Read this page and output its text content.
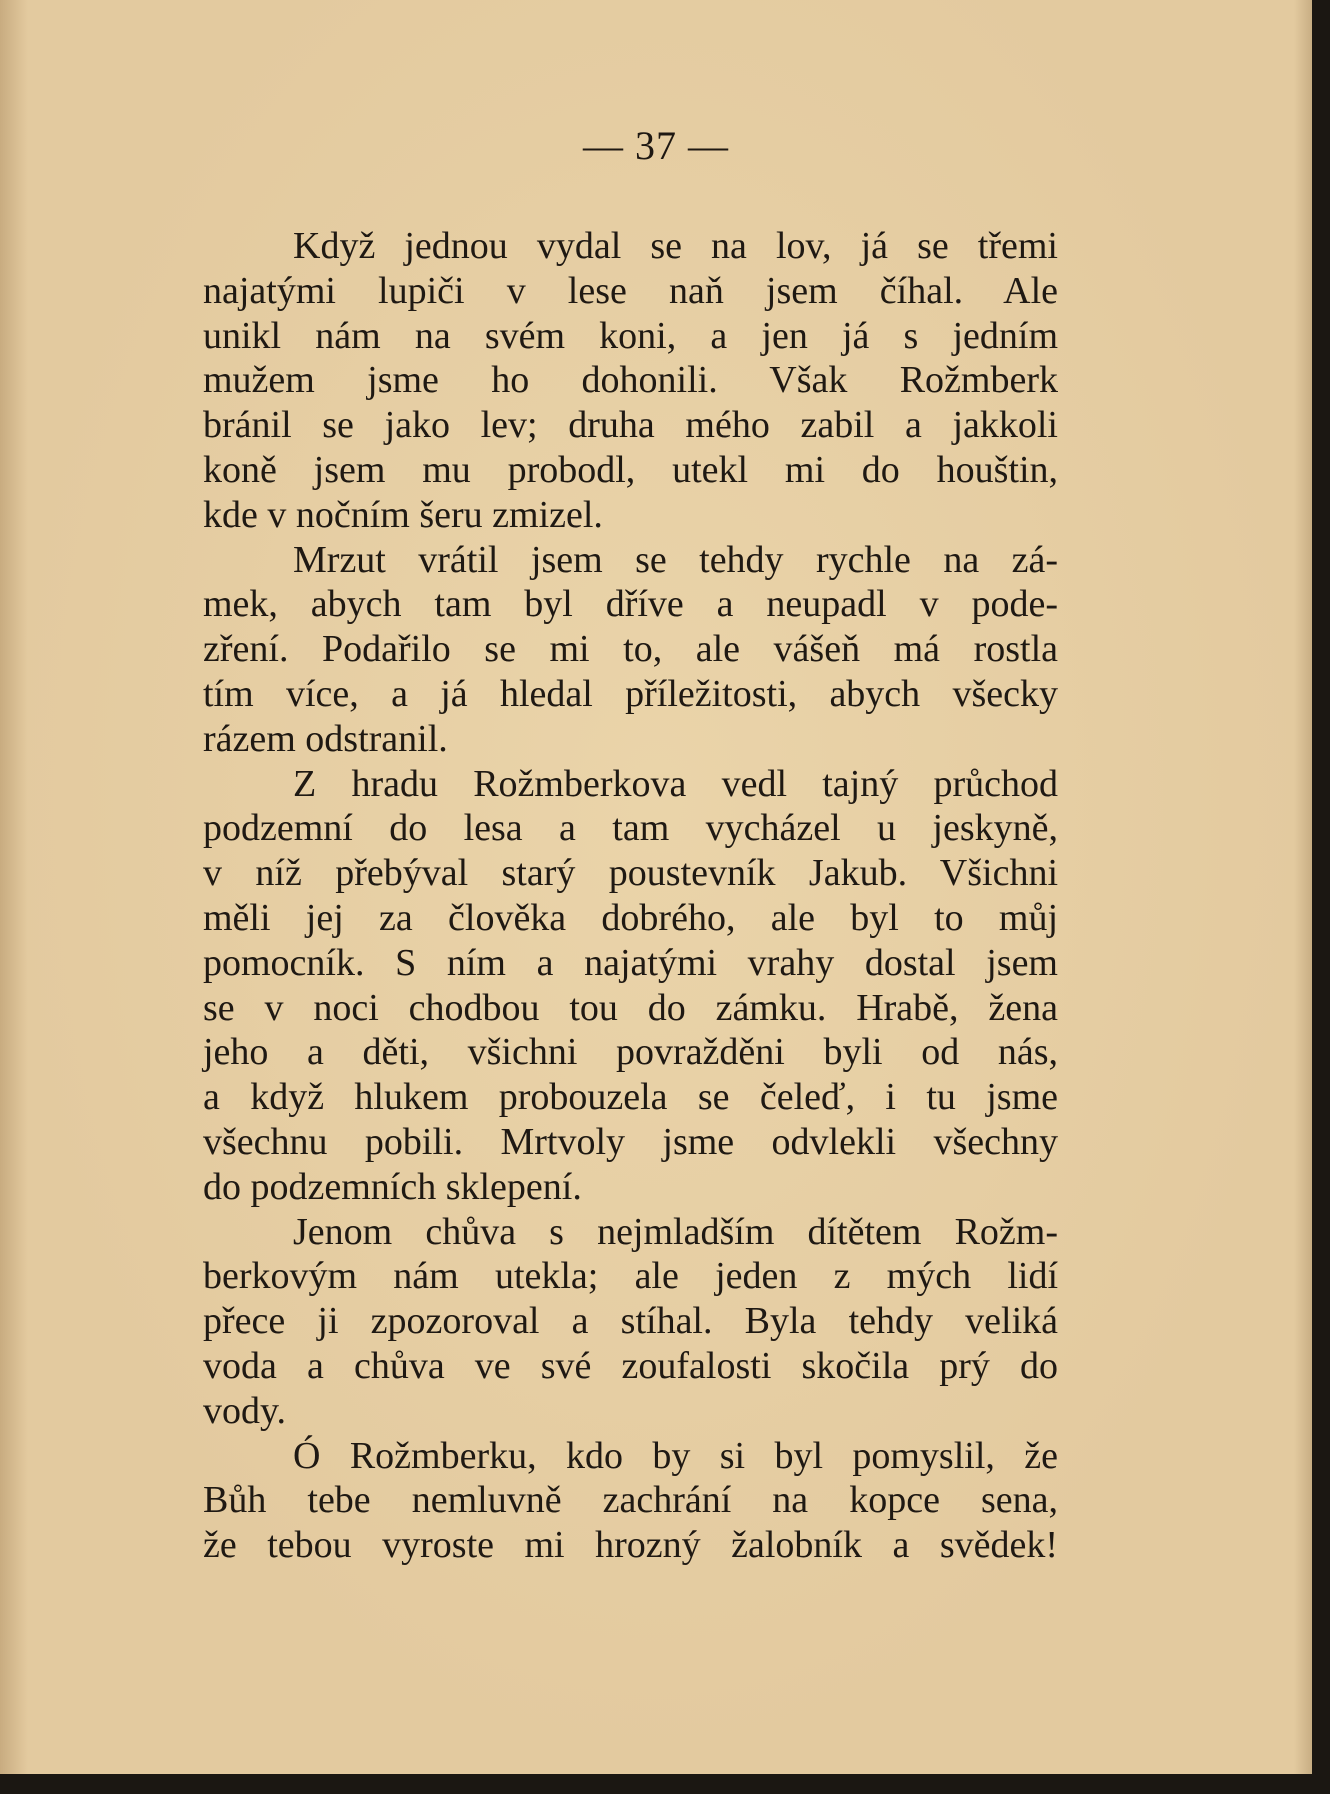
— 37 —
Když jednou vydal se na lov, já se třemi
najatými lupiči v lese naň jsem číhal. Ale
unikl nám na svém koni, a jen já s jedním
mužem jsme ho dohonili. Však Rožmberk
bránil se jako lev; druha mého zabil a jakkoli
koně jsem mu probodl, utekl mi do houštin,
kde v nočním šeru zmizel.
Mrzut vrátil jsem se tehdy rychle na zá-
mek, abych tam byl dříve a neupadl v pode-
zření. Podařilo se mi to, ale vášeň má rostla
tím více, a já hledal příležitosti, abych všecky
rázem odstranil.
Z hradu Rožmberkova vedl tajný průchod
podzemní do lesa a tam vycházel u jeskyně,
v níž přebýval starý poustevník Jakub. Všichni
měli jej za člověka dobrého, ale byl to můj
pomocník. S ním a najatými vrahy dostal jsem
se v noci chodbou tou do zámku. Hrabě, žena
jeho a děti, všichni povražděni byli od nás,
a když hlukem probouzela se čeleď, i tu jsme
všechnu pobili. Mrtvoly jsme odvlekli všechny
do podzemních sklepení.
Jenom chůva s nejmladším dítětem Rožm-
berkovým nám utekla; ale jeden z mých lidí
přece ji zpozoroval a stíhal. Byla tehdy veliká
voda a chůva ve své zoufalosti skočila prý do
vody.
Ó Rožmberku, kdo by si byl pomyslil, že
Bůh tebe nemluvně zachrání na kopce sena,
že tebou vyroste mi hrozný žalobník a svědek!
